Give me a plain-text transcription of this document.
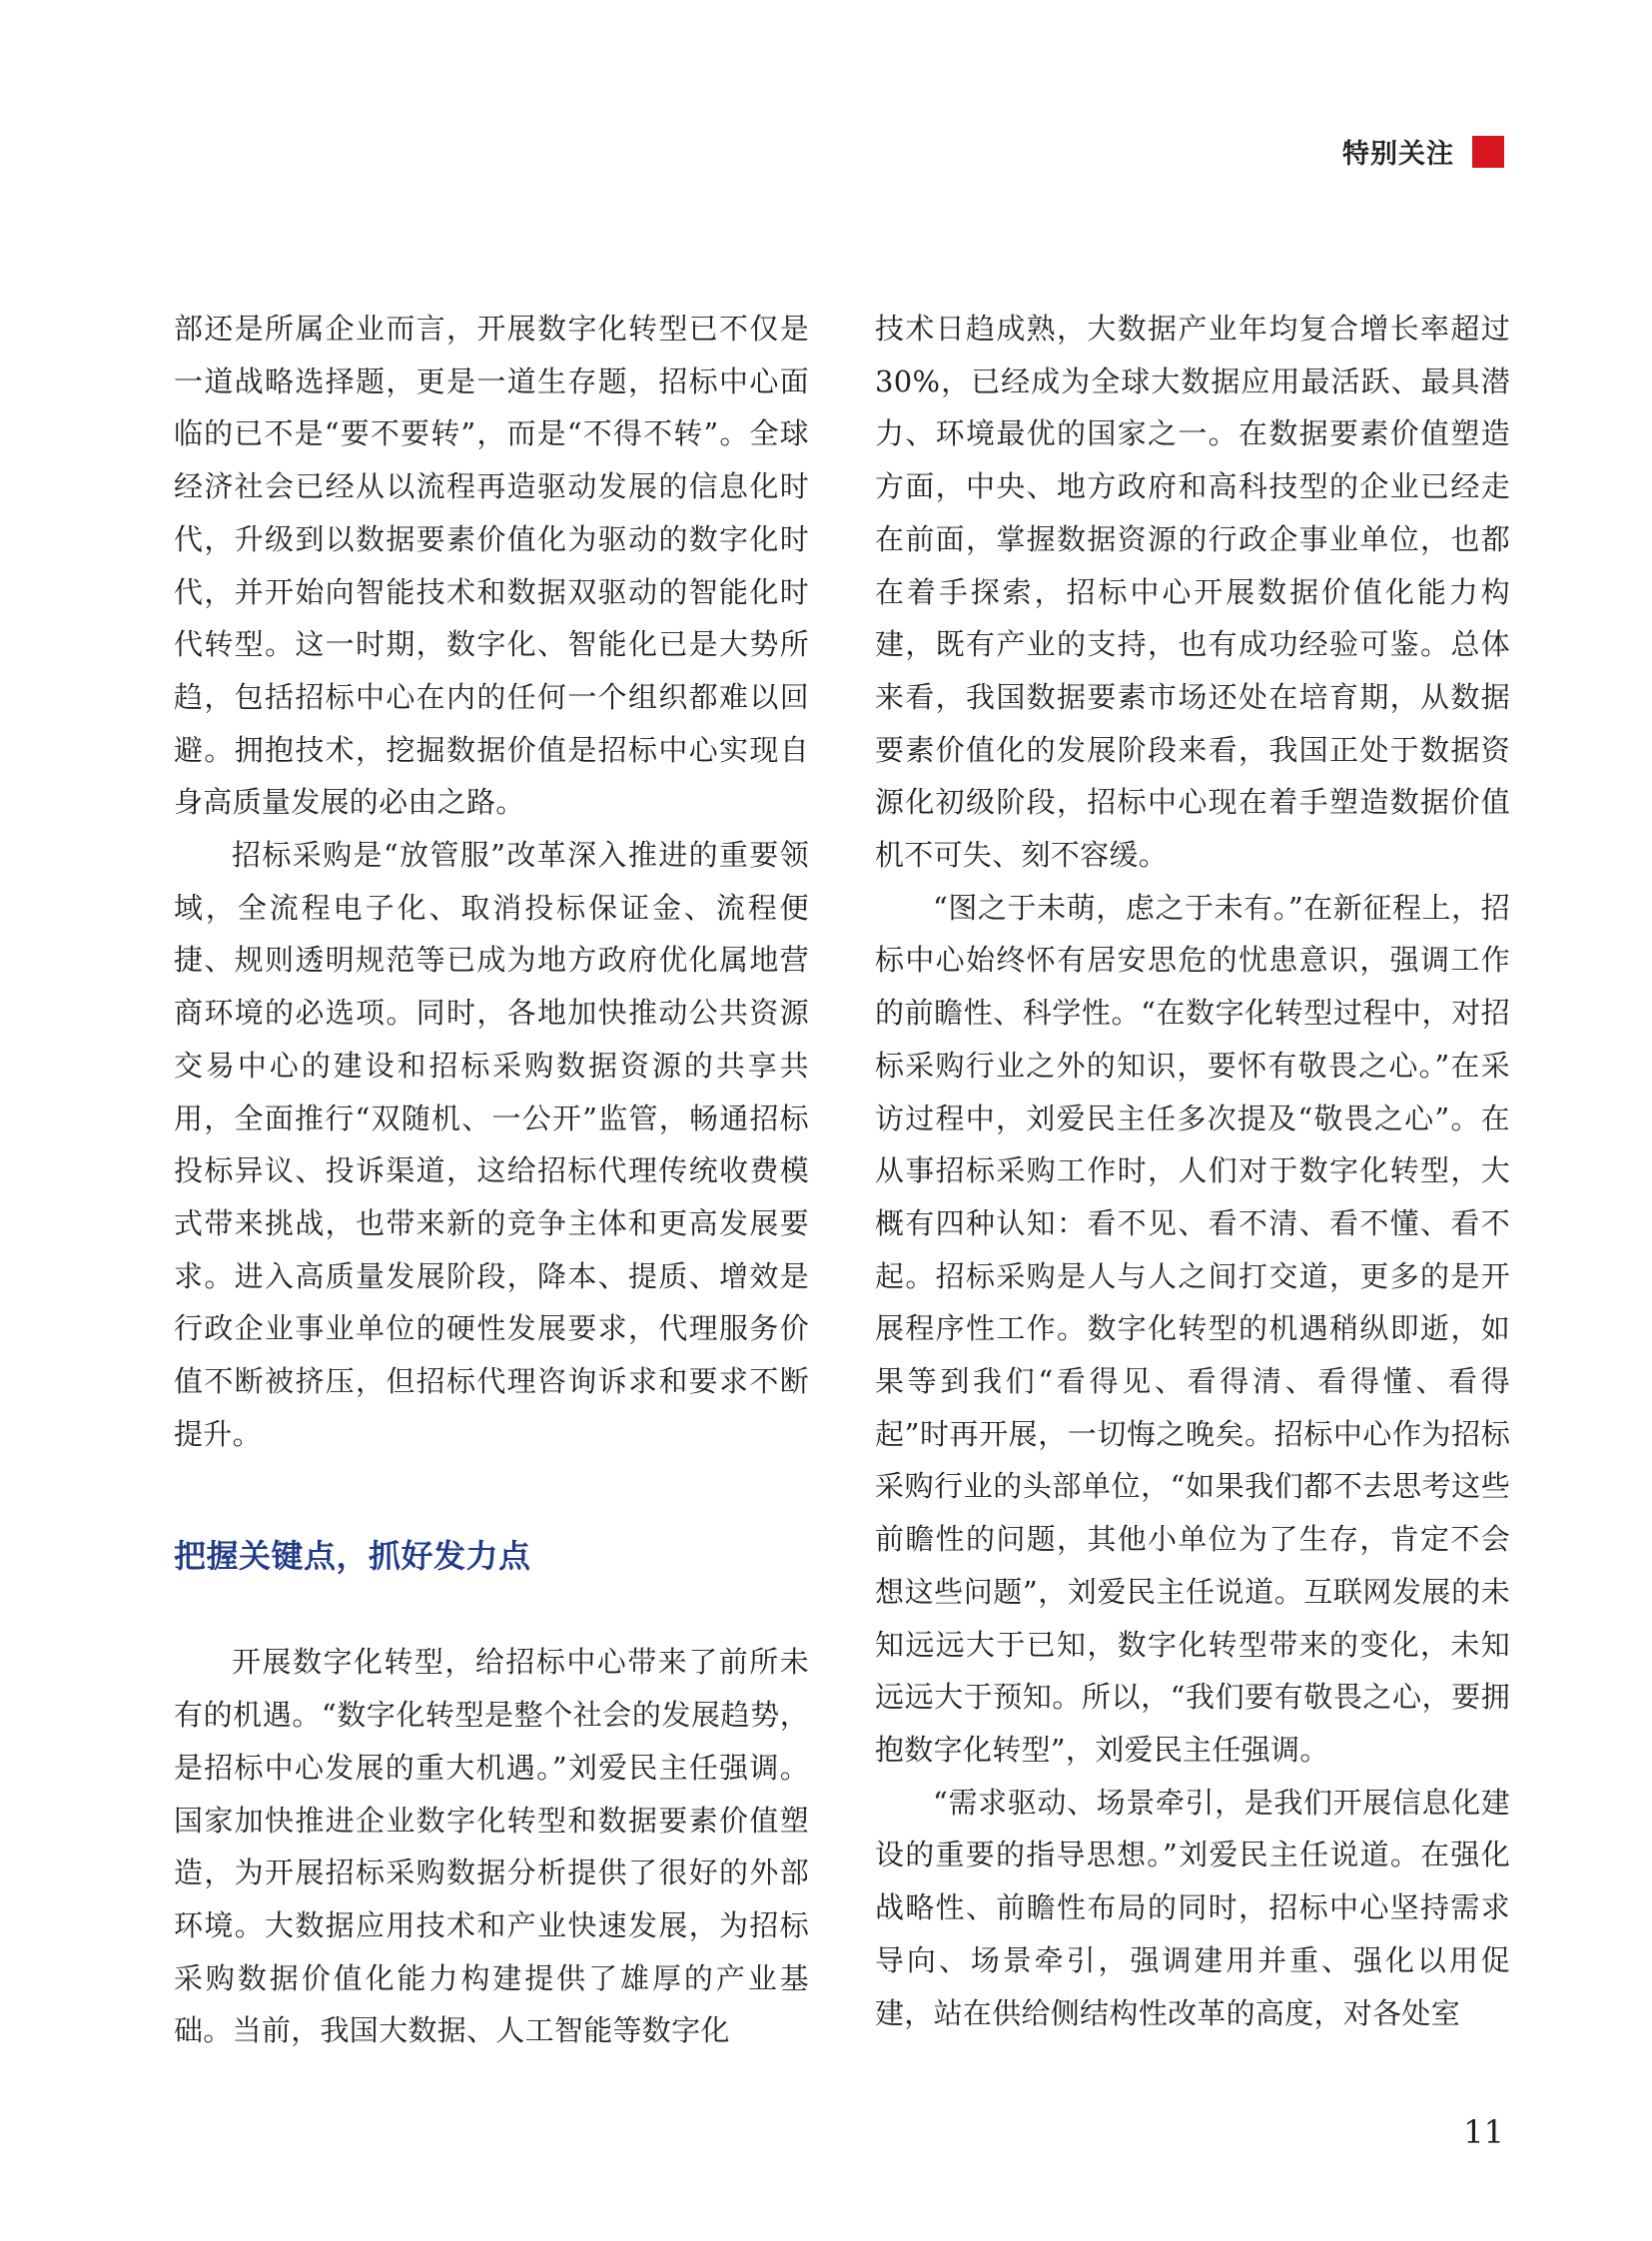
特别关注

部还是所属企业而言，开展数字化转型已不仅是一道战略选择题，更是一道生存题，招标中心面临的已不是“要不要转”，而是“不得不转”。全球经济社会已经从以流程再造驱动发展的信息化时代，升级到以数据要素价值化为驱动的数字化时代，并开始向智能技术和数据双驱动的智能化时代转型。这一时期，数字化、智能化已是大势所趋，包括招标中心在内的任何一个组织都难以回避。拥抱技术，挖掘数据价值是招标中心实现自身高质量发展的必由之路。

招标采购是“放管服”改革深入推进的重要领域，全流程电子化、取消投标保证金、流程便捷、规则透明规范等已成为地方政府优化属地营商环境的必选项。同时，各地加快推动公共资源交易中心的建设和招标采购数据资源的共享共用，全面推行“双随机、一公开”监管，畅通招标投标异议、投诉渠道，这给招标代理传统收费模式带来挑战，也带来新的竞争主体和更高发展要求。进入高质量发展阶段，降本、提质、增效是行政企业事业单位的硬性发展要求，代理服务价值不断被挤压，但招标代理咨询诉求和要求不断提升。

把握关键点，抓好发力点

开展数字化转型，给招标中心带来了前所未有的机遇。“数字化转型是整个社会的发展趋势，是招标中心发展的重大机遇。”刘爱民主任强调。国家加快推进企业数字化转型和数据要素价值塑造，为开展招标采购数据分析提供了很好的外部环境。大数据应用技术和产业快速发展，为招标采购数据价值化能力构建提供了雄厚的产业基础。当前，我国大数据、人工智能等数字化

技术日趋成熟，大数据产业年均复合增长率超过30%，已经成为全球大数据应用最活跃、最具潜力、环境最优的国家之一。在数据要素价值塑造方面，中央、地方政府和高科技型的企业已经走在前面，掌握数据资源的行政企事业单位，也都在着手探索，招标中心开展数据价值化能力构建，既有产业的支持，也有成功经验可鉴。总体来看，我国数据要素市场还处在培育期，从数据要素价值化的发展阶段来看，我国正处于数据资源化初级阶段，招标中心现在着手塑造数据价值机不可失、刻不容缓。

“图之于未萌，虑之于未有。”在新征程上，招标中心始终怀有居安思危的忧患意识，强调工作的前瞻性、科学性。“在数字化转型过程中，对招标采购行业之外的知识，要怀有敬畏之心。”在采访过程中，刘爱民主任多次提及“敬畏之心”。在从事招标采购工作时，人们对于数字化转型，大概有四种认知：看不见、看不清、看不懂、看不起。招标采购是人与人之间打交道，更多的是开展程序性工作。数字化转型的机遇稍纵即逝，如果等到我们“看得见、看得清、看得懂、看得起”时再开展，一切悔之晚矣。招标中心作为招标采购行业的头部单位，“如果我们都不去思考这些前瞻性的问题，其他小单位为了生存，肯定不会想这些问题”，刘爱民主任说道。互联网发展的未知远远大于已知，数字化转型带来的变化，未知远远大于预知。所以，“我们要有敬畏之心，要拥抱数字化转型”，刘爱民主任强调。

“需求驱动、场景牵引，是我们开展信息化建设的重要的指导思想。”刘爱民主任说道。在强化战略性、前瞻性布局的同时，招标中心坚持需求导向、场景牵引，强调建用并重、强化以用促建，站在供给侧结构性改革的高度，对各处室

11
